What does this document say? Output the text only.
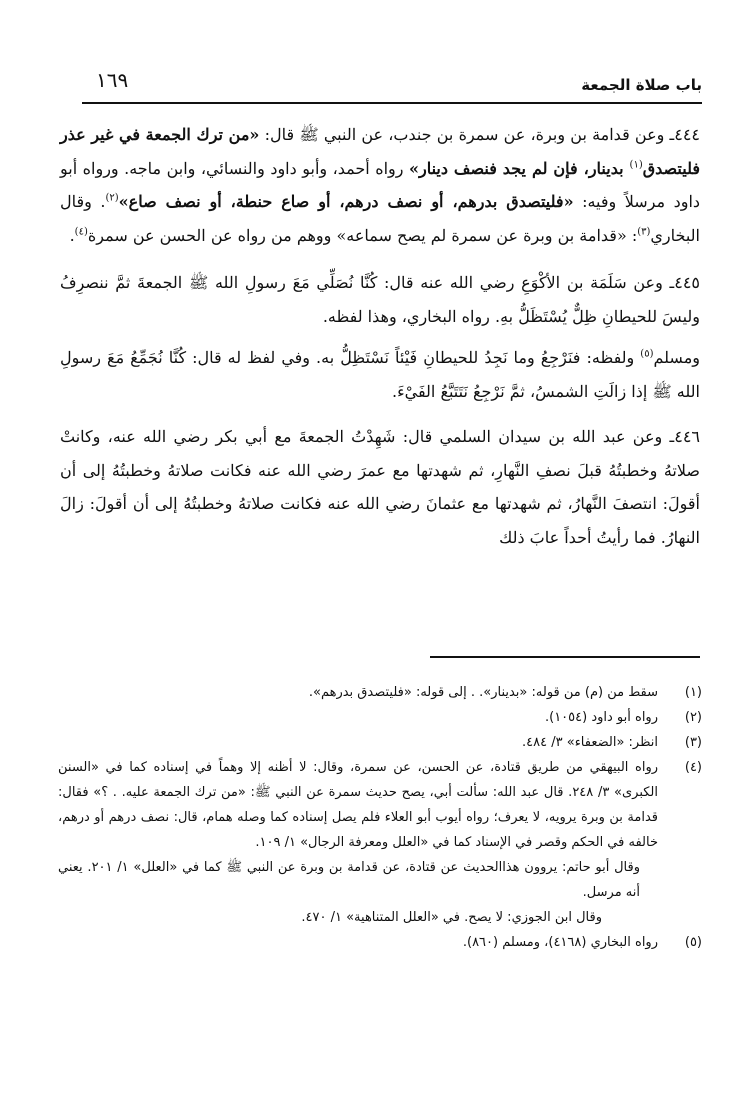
باب صلاة الجمعة
١٦٩

٤٤٤ـ وعن قدامة بن وبرة، عن سمرة بن جندب، عن النبي ﷺ قال: «من ترك الجمعة في غير عذر فليتصدق$^{(١)}$ بدينار، فإن لم يجد فنصف دينار» رواه أحمد، وأبو داود والنسائي، وابن ماجه. ورواه أبو داود مرسلاً وفيه: «فليتصدق بدرهم، أو نصف درهم، أو صاع حنطة، أو نصف صاع»$^{(٢)}$. وقال البخاري$^{(٣)}$: «قدامة بن وبرة عن سمرة لم يصح سماعه» ووهم من رواه عن الحسن عن سمرة$^{(٤)}$.

٤٤٥ـ وعن سَلَمَة بن الأكْوَعِ رضي الله عنه قال: كُنَّا نُصَلِّي مَعَ رسولِ الله ﷺ الجمعةَ ثمَّ ننصرِفُ وليسَ للحيطانِ ظِلٌّ يُسْتَظَلُّ بهِ. رواه البخاري، وهذا لفظه.

ومسلم$^{(٥)}$ ولفظه: فنَرْجِعُ وما نَجِدُ للحيطانِ فَيْئاً نَسْتَظِلُّ به. وفي لفظ له قال: كُنَّا نُجَمِّعُ مَعَ رسولِ الله ﷺ إذا زالَتِ الشمسُ، ثمَّ نَرْجِعُ نَتَتَبَّعُ الفَيْءَ.

٤٤٦ـ وعن عبد الله بن سيدان السلمي قال: شَهِدْتُ الجمعةَ مع أبي بكر رضي الله عنه، وكانتْ صلاتهُ وخطبتُهُ قبلَ نصفِ النَّهارِ، ثم شهدتها مع عمرَ رضي الله عنه فكانت صلاتهُ وخطبتُهُ إلى أن أقولَ: انتصفَ النَّهارُ، ثم شهدتها مع عثمانَ رضي الله عنه فكانت صلاتهُ وخطبتُهُ إلى أن أقولَ: زالَ النهارُ. فما رأيتُ أحداً عابَ ذلك

(١)
سقط من (م) من قوله: «بدينار». . إلى قوله: «فليتصدق بدرهم».
(٢)
رواه أبو داود (١٠٥٤).
(٣)
انظر: «الضعفاء» ٣/ ٤٨٤.
(٤)
رواه البيهقي من طريق قتادة، عن الحسن، عن سمرة، وقال: لا أظنه إلا وهماً في إسناده كما في «السنن الكبرى» ٣/ ٢٤٨. قال عبد الله: سألت أبي، يصح حديث سمرة عن النبي ﷺ: «من ترك الجمعة عليه. . ؟» فقال: قدامة بن وبرة يرويه، لا يعرف؛ رواه أيوب أبو العلاء فلم يصل إسناده كما وصله همام، قال: نصف درهم أو درهم، خالفه في الحكم وقصر في الإسناد كما في «العلل ومعرفة الرجال» ١/ ١٠٩.
وقال أبو حاتم: يروون هذاالحديث عن قتادة، عن قدامة بن وبرة عن النبي ﷺ كما في «العلل» ١/ ٢٠١. يعني أنه مرسل.
وقال ابن الجوزي: لا يصح. في «العلل المتناهية» ١/ ٤٧٠.
(٥)
رواه البخاري (٤١٦٨)، ومسلم (٨٦٠).
